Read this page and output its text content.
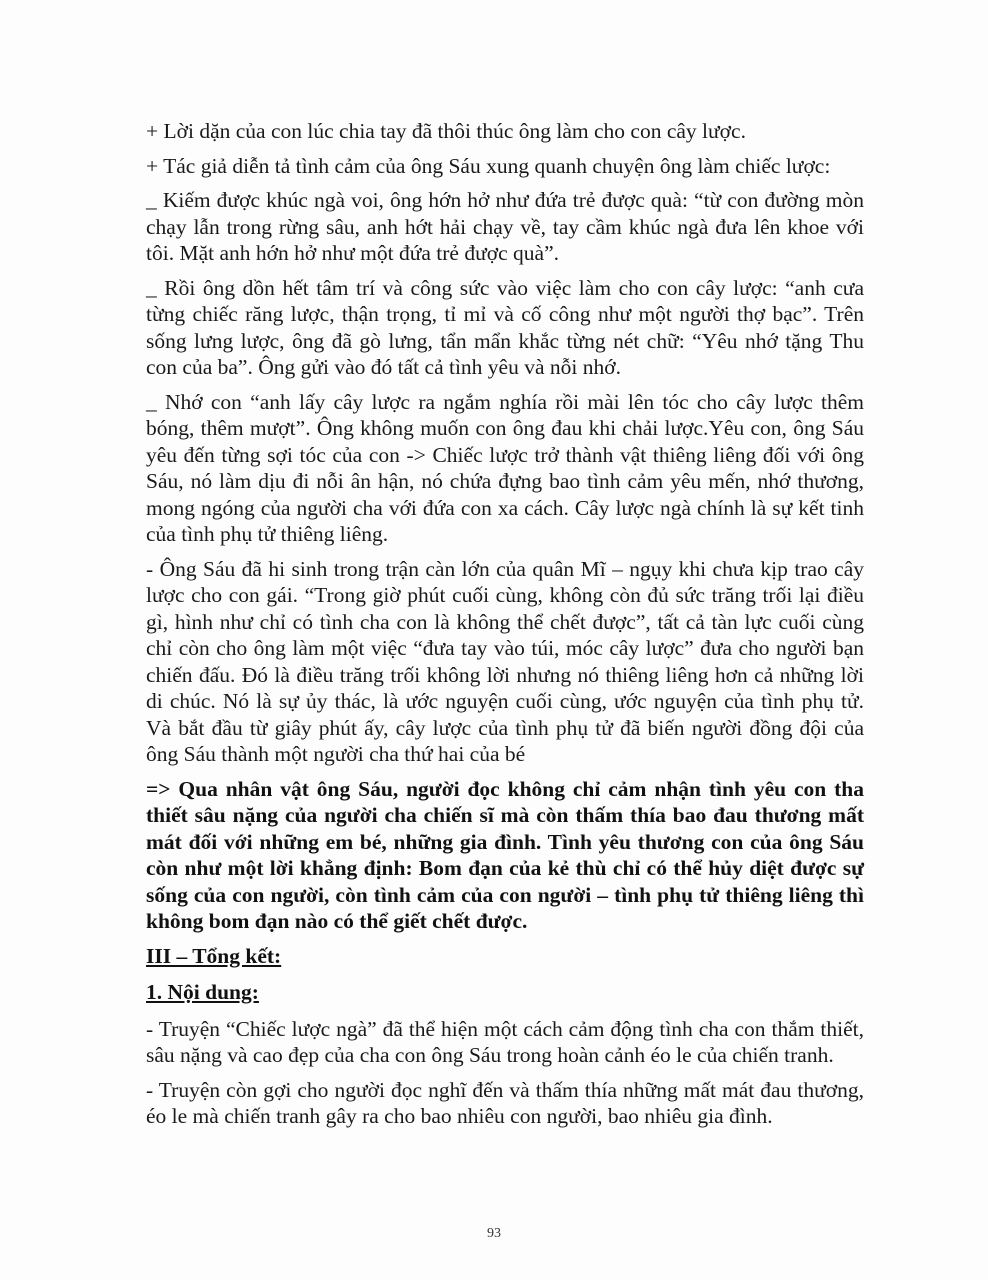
+ Lời dặn của con lúc chia tay đã thôi thúc ông làm cho con cây lược.

+ Tác giả diễn tả tình cảm của ông Sáu xung quanh chuyện ông làm chiếc lược:

_ Kiếm được khúc ngà voi, ông hớn hở như đứa trẻ được quà: “từ con đường mòn chạy lẫn trong rừng sâu, anh hớt hải chạy về, tay cầm khúc ngà đưa lên khoe với tôi. Mặt anh hớn hở như một đứa trẻ được quà”.

_ Rồi ông dồn hết tâm trí và công sức vào việc làm cho con cây lược: “anh cưa từng chiếc răng lược, thận trọng, tỉ mỉ và cố công như một người thợ bạc”. Trên sống lưng lược, ông đã gò lưng, tẩn mẩn khắc từng nét chữ: “Yêu nhớ tặng Thu con của ba”. Ông gửi vào đó tất cả tình yêu và nỗi nhớ.

_ Nhớ con “anh lấy cây lược ra ngắm nghía rồi mài lên tóc cho cây lược thêm bóng, thêm mượt”. Ông không muốn con ông đau khi chải lược.Yêu con, ông Sáu yêu đến từng sợi tóc của con -> Chiếc lược trở thành vật thiêng liêng đối với ông Sáu, nó làm dịu đi nỗi ân hận, nó chứa đựng bao tình cảm yêu mến, nhớ thương, mong ngóng của người cha với đứa con xa cách. Cây lược ngà chính là sự kết tinh của tình phụ tử thiêng liêng.

- Ông Sáu đã hi sinh trong trận càn lớn của quân Mĩ – ngụy khi chưa kịp trao cây lược cho con gái. “Trong giờ phút cuối cùng, không còn đủ sức trăng trối lại điều gì, hình như chỉ có tình cha con là không thể chết được”, tất cả tàn lực cuối cùng chỉ còn cho ông làm một việc “đưa tay vào túi, móc cây lược” đưa cho người bạn chiến đấu. Đó là điều trăng trối không lời nhưng nó thiêng liêng hơn cả những lời di chúc. Nó là sự ủy thác, là ước nguyện cuối cùng, ước nguyện của tình phụ tử. Và bắt đầu từ giây phút ấy, cây lược của tình phụ tử đã biến người đồng đội của ông Sáu thành một người cha thứ hai của bé

=> Qua nhân vật ông Sáu, người đọc không chỉ cảm nhận tình yêu con tha thiết sâu nặng của người cha chiến sĩ mà còn thấm thía bao đau thương mất mát đối với những em bé, những gia đình. Tình yêu thương con của ông Sáu còn như một lời khẳng định: Bom đạn của kẻ thù chỉ có thể hủy diệt được sự sống của con người, còn tình cảm của con người – tình phụ tử thiêng liêng thì không bom đạn nào có thể giết chết được.

III – Tổng kết:

1. Nội dung:

- Truyện “Chiếc lược ngà” đã thể hiện một cách cảm động tình cha con thắm thiết, sâu nặng và cao đẹp của cha con ông Sáu trong hoàn cảnh éo le của chiến tranh.

- Truyện còn gợi cho người đọc nghĩ đến và thấm thía những mất mát đau thương, éo le mà chiến tranh gây ra cho bao nhiêu con người, bao nhiêu gia đình.

93
